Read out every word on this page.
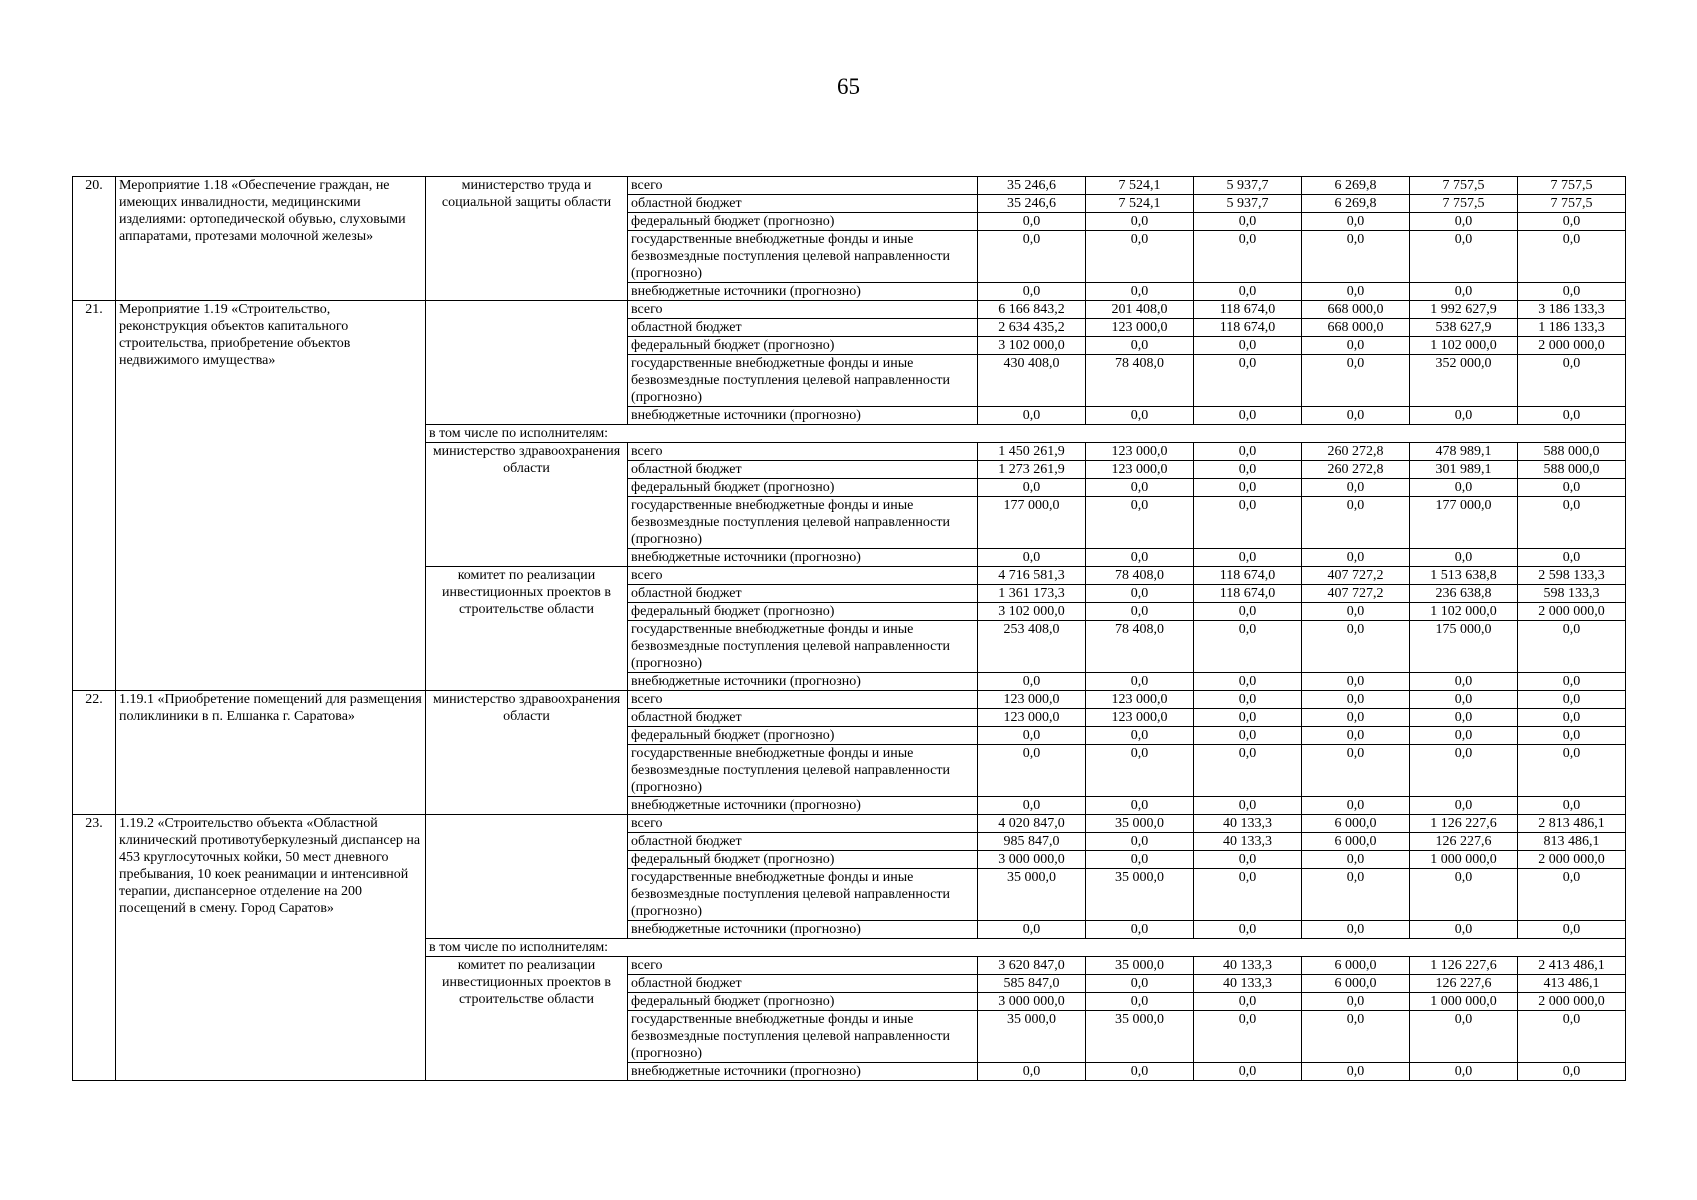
65
20.	Мероприятие 1.18 «Обеспечение граждан, не имеющих инвалидности, медицинскими изделиями: ортопедической обувью, слуховыми аппаратами, протезами молочной железы»	министерство труда и социальной защиты области	всего	35 246,6	7 524,1	5 937,7	6 269,8	7 757,5	7 757,5
			областной бюджет	35 246,6	7 524,1	5 937,7	6 269,8	7 757,5	7 757,5
			федеральный бюджет (прогнозно)	0,0	0,0	0,0	0,0	0,0	0,0
			государственные внебюджетные фонды и иные безвозмездные поступления целевой направленности (прогнозно)	0,0	0,0	0,0	0,0	0,0	0,0
			внебюджетные источники (прогнозно)	0,0	0,0	0,0	0,0	0,0	0,0
21.	Мероприятие 1.19 «Строительство, реконструкция объектов капитального строительства, приобретение объектов недвижимого имущества»		всего	6 166 843,2	201 408,0	118 674,0	668 000,0	1 992 627,9	3 186 133,3
			областной бюджет	2 634 435,2	123 000,0	118 674,0	668 000,0	538 627,9	1 186 133,3
			федеральный бюджет (прогнозно)	3 102 000,0	0,0	0,0	0,0	1 102 000,0	2 000 000,0
			государственные внебюджетные фонды и иные безвозмездные поступления целевой направленности (прогнозно)	430 408,0	78 408,0	0,0	0,0	352 000,0	0,0
			внебюджетные источники (прогнозно)	0,0	0,0	0,0	0,0	0,0	0,0
		в том числе по исполнителям:							
		министерство здравоохранения области	всего	1 450 261,9	123 000,0	0,0	260 272,8	478 989,1	588 000,0
			областной бюджет	1 273 261,9	123 000,0	0,0	260 272,8	301 989,1	588 000,0
			федеральный бюджет (прогнозно)	0,0	0,0	0,0	0,0	0,0	0,0
			государственные внебюджетные фонды и иные безвозмездные поступления целевой направленности (прогнозно)	177 000,0	0,0	0,0	0,0	177 000,0	0,0
			внебюджетные источники (прогнозно)	0,0	0,0	0,0	0,0	0,0	0,0
		комитет по реализации инвестиционных проектов в строительстве области	всего	4 716 581,3	78 408,0	118 674,0	407 727,2	1 513 638,8	2 598 133,3
			областной бюджет	1 361 173,3	0,0	118 674,0	407 727,2	236 638,8	598 133,3
			федеральный бюджет (прогнозно)	3 102 000,0	0,0	0,0	0,0	1 102 000,0	2 000 000,0
			государственные внебюджетные фонды и иные безвозмездные поступления целевой направленности (прогнозно)	253 408,0	78 408,0	0,0	0,0	175 000,0	0,0
			внебюджетные источники (прогнозно)	0,0	0,0	0,0	0,0	0,0	0,0
22.	1.19.1 «Приобретение помещений для размещения поликлиники в п. Елшанка г. Саратова»	министерство здравоохранения области	всего	123 000,0	123 000,0	0,0	0,0	0,0	0,0
			областной бюджет	123 000,0	123 000,0	0,0	0,0	0,0	0,0
			федеральный бюджет (прогнозно)	0,0	0,0	0,0	0,0	0,0	0,0
			государственные внебюджетные фонды и иные безвозмездные поступления целевой направленности (прогнозно)	0,0	0,0	0,0	0,0	0,0	0,0
			внебюджетные источники (прогнозно)	0,0	0,0	0,0	0,0	0,0	0,0
23.	1.19.2 «Строительство объекта «Областной клинический противотуберкулезный диспансер на 453 круглосуточных койки, 50 мест дневного пребывания, 10 коек реанимации и интенсивной терапии, диспансерное отделение на 200 посещений в смену. Город Саратов»		всего	4 020 847,0	35 000,0	40 133,3	6 000,0	1 126 227,6	2 813 486,1
			областной бюджет	985 847,0	0,0	40 133,3	6 000,0	126 227,6	813 486,1
			федеральный бюджет (прогнозно)	3 000 000,0	0,0	0,0	0,0	1 000 000,0	2 000 000,0
			государственные внебюджетные фонды и иные безвозмездные поступления целевой направленности (прогнозно)	35 000,0	35 000,0	0,0	0,0	0,0	0,0
			внебюджетные источники (прогнозно)	0,0	0,0	0,0	0,0	0,0	0,0
		в том числе по исполнителям:							
		комитет по реализации инвестиционных проектов в строительстве области	всего	3 620 847,0	35 000,0	40 133,3	6 000,0	1 126 227,6	2 413 486,1
			областной бюджет	585 847,0	0,0	40 133,3	6 000,0	126 227,6	413 486,1
			федеральный бюджет (прогнозно)	3 000 000,0	0,0	0,0	0,0	1 000 000,0	2 000 000,0
			государственные внебюджетные фонды и иные безвозмездные поступления целевой направленности (прогнозно)	35 000,0	35 000,0	0,0	0,0	0,0	0,0
			внебюджетные источники (прогнозно)	0,0	0,0	0,0	0,0	0,0	0,0
